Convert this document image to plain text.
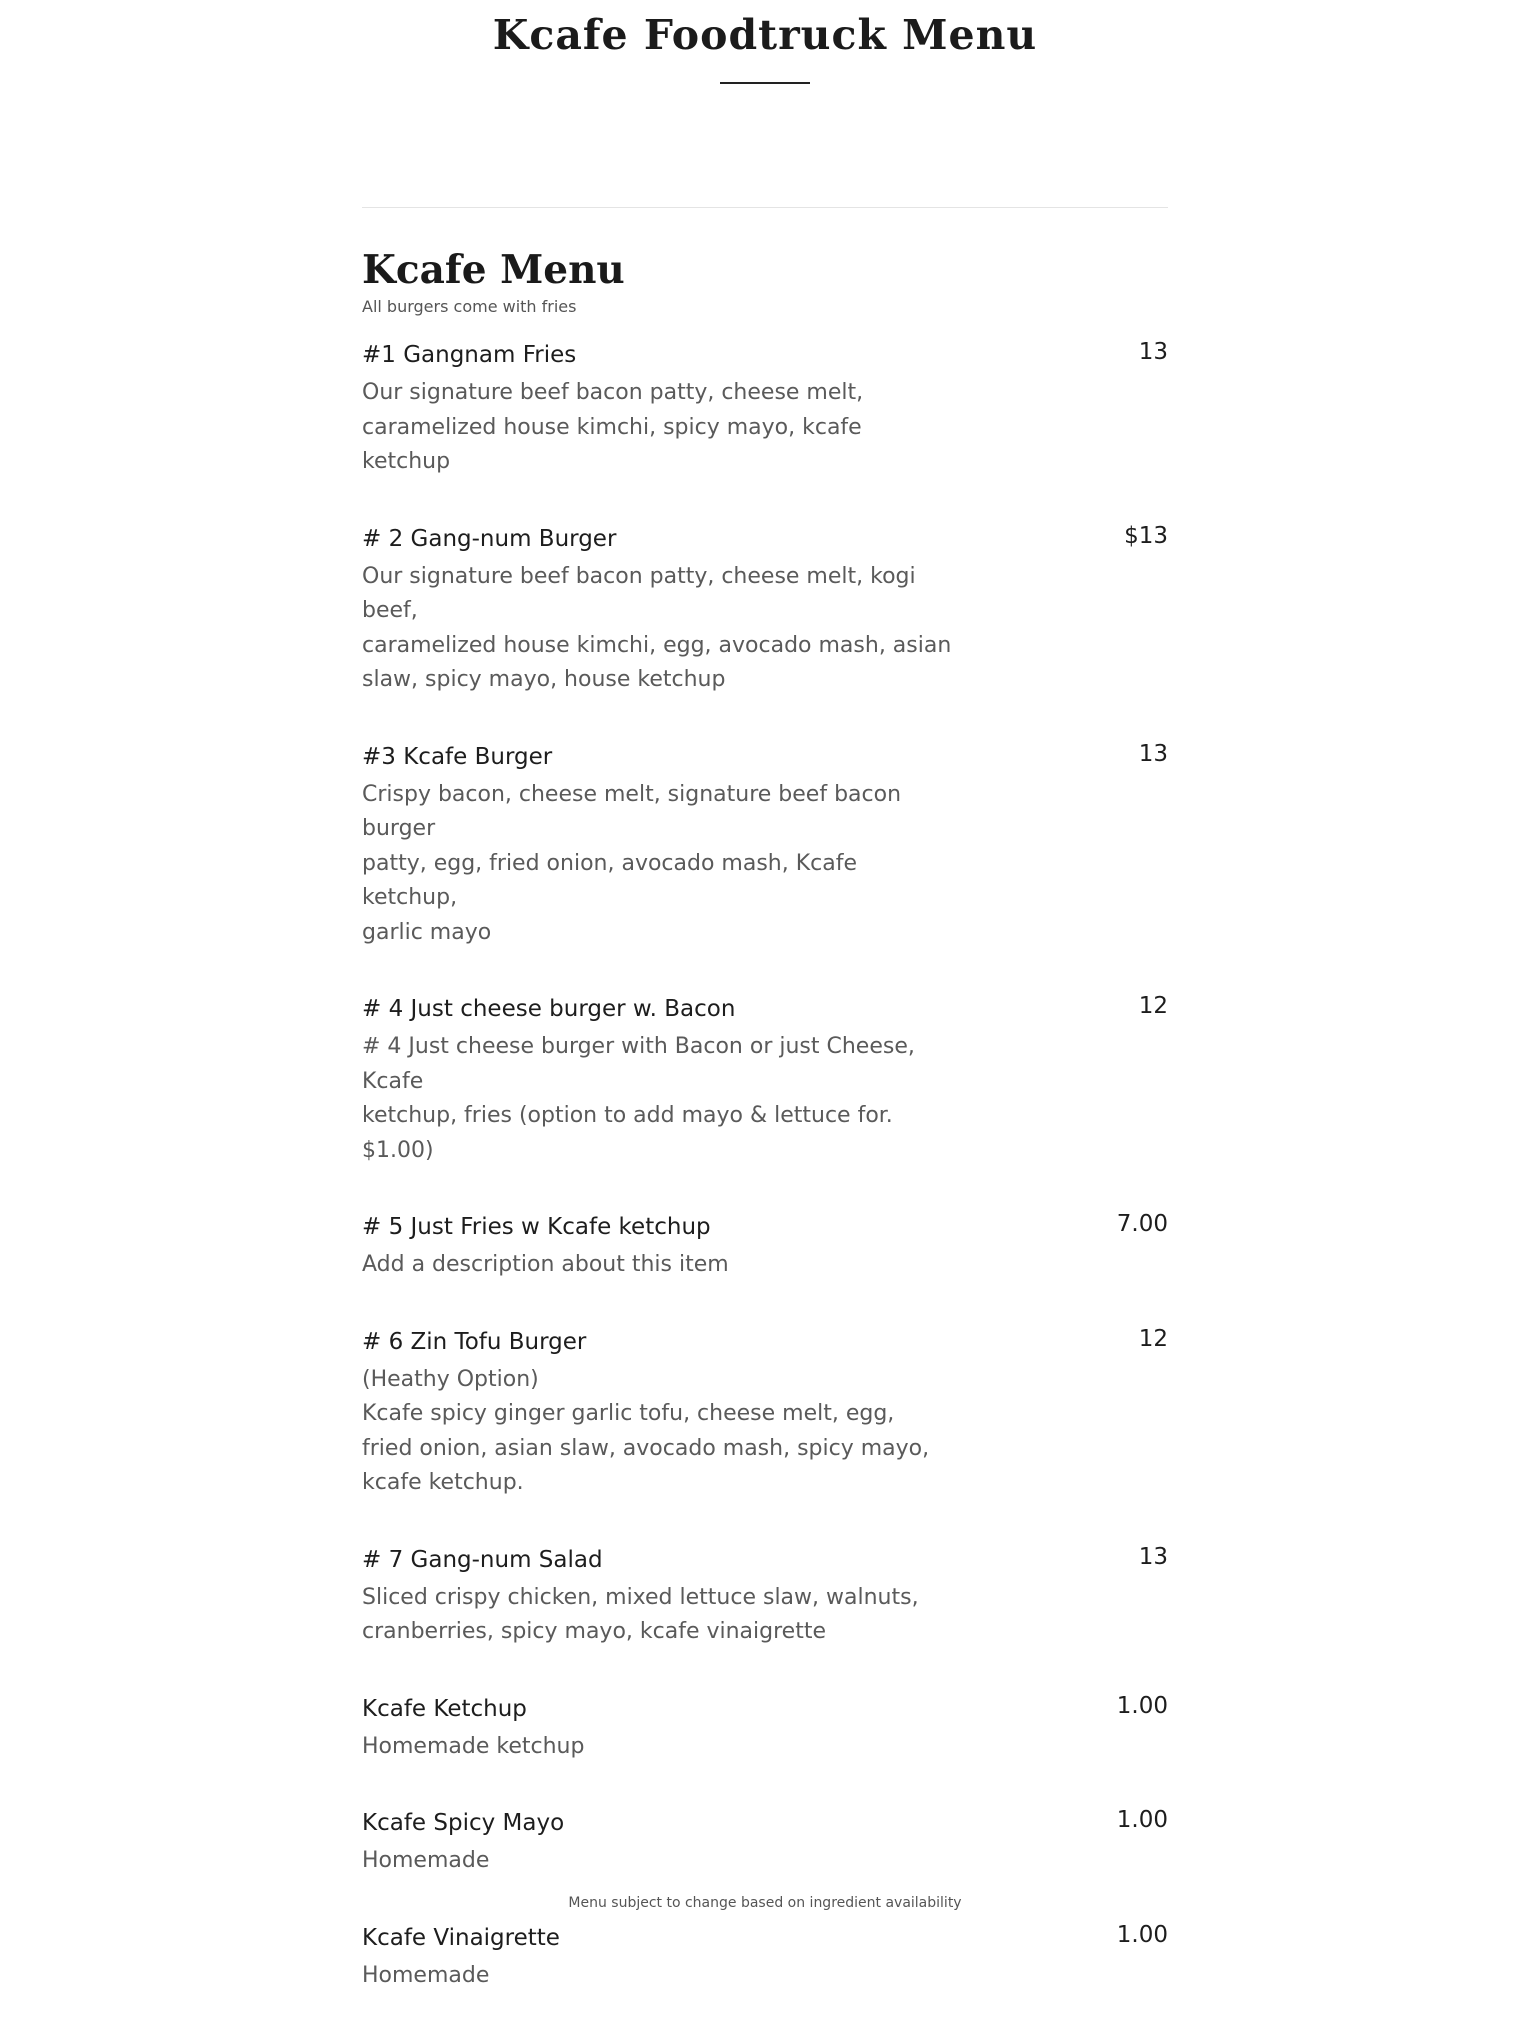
Kcafe Foodtruck Menu
Kcafe Menu

All burgers come with fries

#1 Gangnam Fries	13
Our signature beef bacon patty, cheese melt,
caramelized house kimchi, spicy mayo, kcafe ketchup
# 2 Gang-num Burger	$13
Our signature beef bacon patty, cheese melt, kogi beef,
caramelized house kimchi, egg, avocado mash, asian
slaw, spicy mayo, house ketchup
#3 Kcafe Burger	13
Crispy bacon, cheese melt, signature beef bacon burger
patty, egg, fried onion, avocado mash, Kcafe ketchup,
garlic mayo
# 4 Just cheese burger w. Bacon	12
# 4 Just cheese burger with Bacon or just Cheese, Kcafe
ketchup, fries (option to add mayo & lettuce for. $1.00)
# 5 Just Fries w Kcafe ketchup	7.00
Add a description about this item
# 6 Zin Tofu Burger	12
(Heathy Option)
Kcafe spicy ginger garlic tofu, cheese melt, egg,
fried onion, asian slaw, avocado mash, spicy mayo,
kcafe ketchup.
# 7 Gang-num Salad	13
Sliced crispy chicken, mixed lettuce slaw, walnuts,
cranberries, spicy mayo, kcafe vinaigrette
Kcafe Ketchup	1.00
Homemade ketchup
Kcafe Spicy Mayo	1.00
Homemade
Kcafe Vinaigrette	1.00
Homemade
Menu subject to change based on ingredient availability
